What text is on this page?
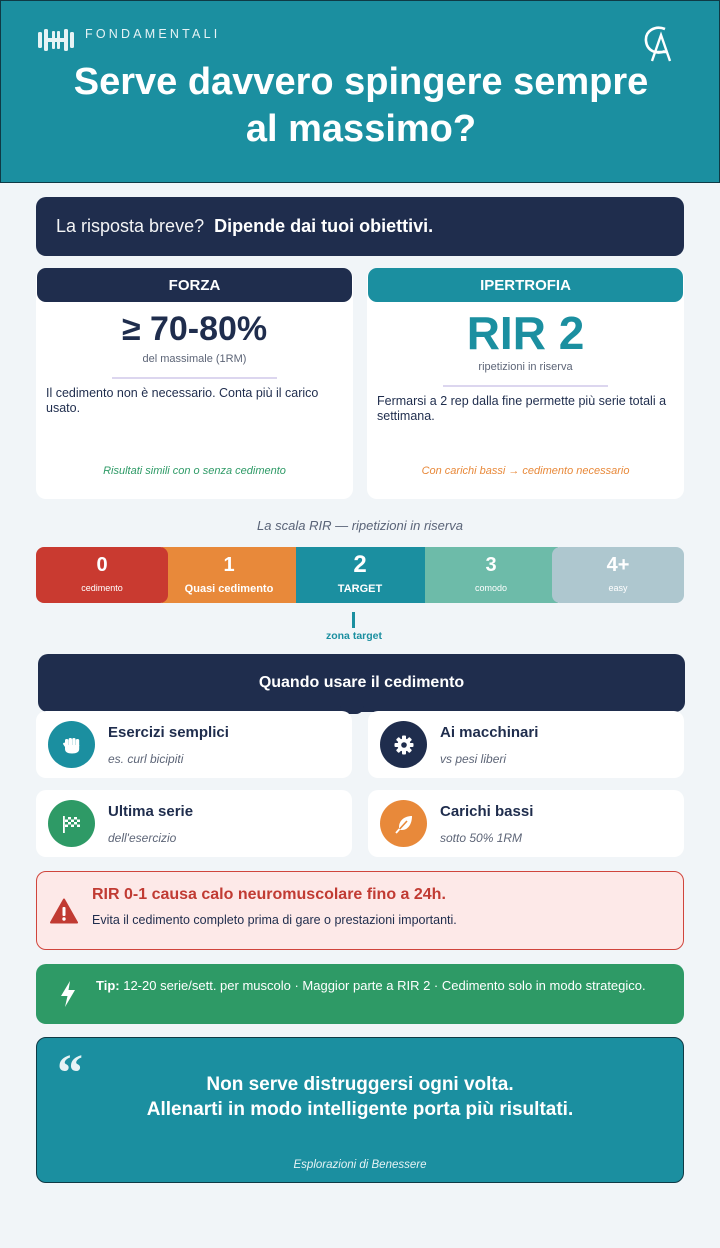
FONDAMENTALI
Serve davvero spingere sempre
al massimo?
La risposta breve? Dipende dai tuoi obiettivi.
FORZA
≥ 70-80%
del massimale (1RM)
Il cedimento non è necessario. Conta più il carico usato.
Risultati simili con o senza cedimento
IPERTROFIA
RIR 2
ripetizioni in riserva
Fermarsi a 2 rep dalla fine permette più serie totali a settimana.
Con carichi bassi → cedimento necessario
La scala RIR — ripetizioni in riserva
0
cedimento
1
Quasi cedimento
2
TARGET
3
comodo
4+
easy
zona target
Quando usare il cedimento
Esercizi semplici
es. curl bicipiti
Ai macchinari
vs pesi liberi
Ultima serie
dell'esercizio
Carichi bassi
sotto 50% 1RM
RIR 0-1 causa calo neuromuscolare fino a 24h.
Evita il cedimento completo prima di gare o prestazioni importanti.
Tip: 12-20 serie/sett. per muscolo · Maggior parte a RIR 2 · Cedimento solo in modo strategico.
“	Non serve distruggersi ogni volta.
Allenarti in modo intelligente porta più risultati.
Esplorazioni di Benessere
